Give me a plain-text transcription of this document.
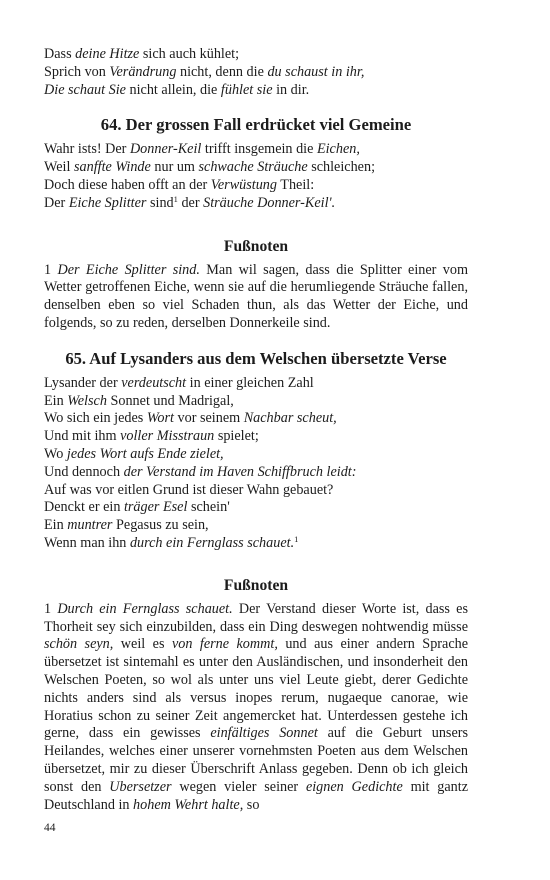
Dass deine Hitze sich auch kühlet;
Sprich von Verändrung nicht, denn die du schaust in ihr,
Die schaut Sie nicht allein, die fühlet sie in dir.
64. Der grossen Fall erdrücket viel Gemeine
Wahr ists! Der Donner-Keil trifft insgemein die Eichen,
Weil sanffte Winde nur um schwache Sträuche schleichen;
Doch diese haben offt an der Verwüstung Theil:
Der Eiche Splitter sind$^1$ der Sträuche Donner-Keil'.
Fußnoten
1 Der Eiche Splitter sind. Man wil sagen, dass die Splitter einer vom Wetter getroffenen Eiche, wenn sie auf die herumliegende Sträuche fallen, denselben eben so viel Schaden thun, als das Wetter der Eiche, und folgends, so zu reden, derselben Donnerkeile sind.
65. Auf Lysanders aus dem Welschen übersetzte Verse
Lysander der verdeutscht in einer gleichen Zahl
Ein Welsch Sonnet und Madrigal,
Wo sich ein jedes Wort vor seinem Nachbar scheut,
Und mit ihm voller Misstraun spielet;
Wo jedes Wort aufs Ende zielet,
Und dennoch der Verstand im Haven Schiffbruch leidt:
Auf was vor eitlen Grund ist dieser Wahn gebauet?
Denckt er ein träger Esel schein'
Ein muntrer Pegasus zu sein,
Wenn man ihn durch ein Fernglass schauet.$^1$
Fußnoten
1 Durch ein Fernglass schauet. Der Verstand dieser Worte ist, dass es Thorheit sey sich einzubilden, dass ein Ding deswegen nohtwendig müsse schön seyn, weil es von ferne kommt, und aus einer andern Sprache übersetzet ist sintemahl es unter den Ausländischen, und insonderheit den Welschen Poeten, so wol als unter uns viel Leute giebt, derer Gedichte nichts anders sind als versus inopes rerum, nugaeque canorae, wie Horatius schon zu seiner Zeit angemercket hat. Unterdessen gestehe ich gerne, dass ein gewisses einfältiges Sonnet auf die Geburt unsers Heilandes, welches einer unserer vornehmsten Poeten aus dem Welschen übersetzet, mir zu dieser Überschrift Anlass gegeben. Denn ob ich gleich sonst den Ubersetzer wegen vieler seiner eignen Gedichte mit gantz Deutschland in hohem Wehrt halte, so
44
